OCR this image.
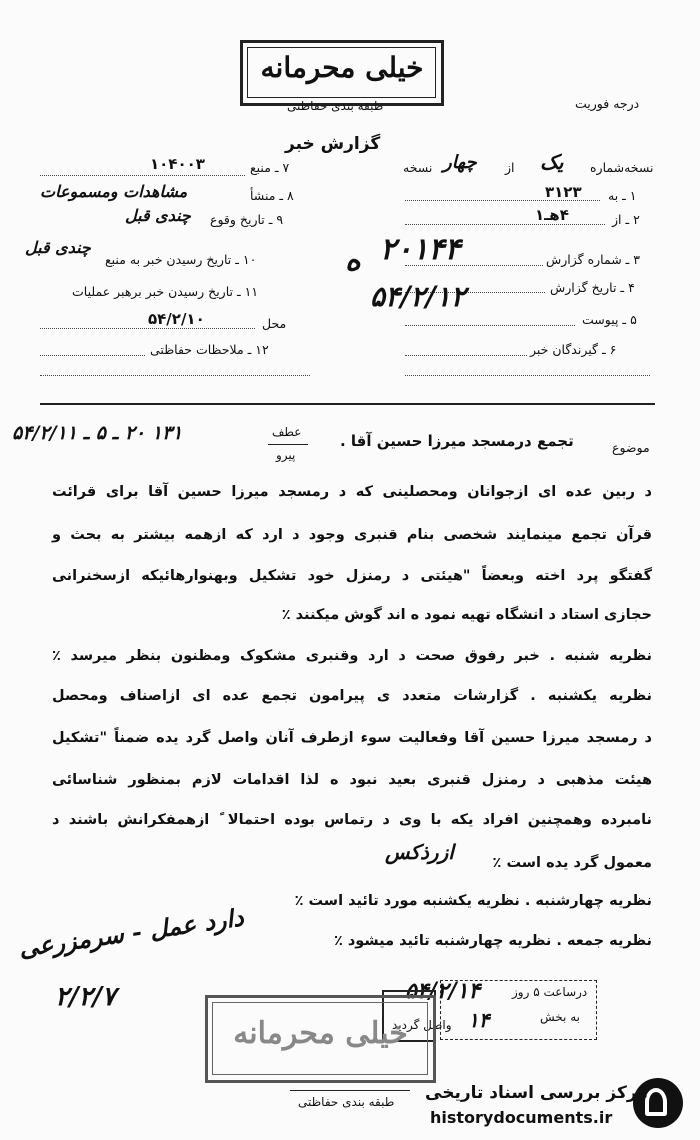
خیلی محرمانه
طبقه بندی حفاظتی	درجه فوریت
گزارش خبر
نسخه‌شماره
یک
از
چهار
نسخه
۱ ـ به
۳۱۲۳
۲ ـ از
۴هـ۱
۳ ـ شماره گزارش
۲۰۱۴۴
ه
۴ ـ تاریخ گزارش
۵۴/۲/۱۲
۵ ـ پیوست
۶ ـ گیرندگان خبر
۷ ـ منبع
۱۰۴۰۰۳
۸ ـ منشأ
مشاهدات ومسموعات
۹ ـ تاریخ وقوع
چندی قبل
۱۰ ـ تاریخ رسیدن خبر به منبع
چندی قبل
۱۱ ـ تاریخ رسیدن خبر برهبر عملیات
محل
۵۴/۲/۱۰
۱۲ ـ ملاحظات حفاظتی
موضوع
تجمع درمسجد میرزا حسین آقا .
عطف
پیرو
۱۳۱ ۲۰ ـ ۵ ـ ۵۴/۲/۱۱
د ربین عده ای ازجوانان ومحصلینی که د رمسجد میرزا حسین آقا برای قرائت
قرآن تجمع مینمایند شخصی بنام قنبری وجود د ارد که ازهمه بیشتر به بحث و
گفتگو پرد اخته وبعضاً "هیئتی د رمنزل خود تشکیل وبهنوارهائیکه ازسخنرانی
حجازی استاد د انشگاه تهیه نمود ه اند گوش میکنند ٪
نظریه شنبه . خبر رفوق صحت د ارد وقنبری مشکوک ومظنون بنظر میرسد ٪
نظریه یکشنبه . گزارشات متعدد ی پیرامون تجمع عده ای ازاصناف ومحصل
د رمسجد میرزا حسین آقا وفعالیت سوء ازطرف آنان واصل گرد یده ضمناً "تشکیل
هیئت مذهبی د رمنزل قنبری بعید نبود ه لذا اقدامات لازم بمنظور شناسائی
نامبرده وهمچنین افراد یکه با وی د رتماس بوده احتمالا ً ازهمفکرانش باشند د
معمول گرد یده است ٪
ازرذکس
نظریه چهارشنبه . نظریه یکشنبه مورد تائید است ٪
نظریه جمعه . نظریه چهارشنبه تائید میشود ٪
دارد عمل - سرمزرعی
۲/۲/۷	درساعت ۵ روز
به بخش
واصل گردید
۵۴/۲/۱۴
۱۴
خیلی محرمانه
طبقه بندی حفاظتی مرکز بررسی اسناد تاریخی
historydocuments.ir
